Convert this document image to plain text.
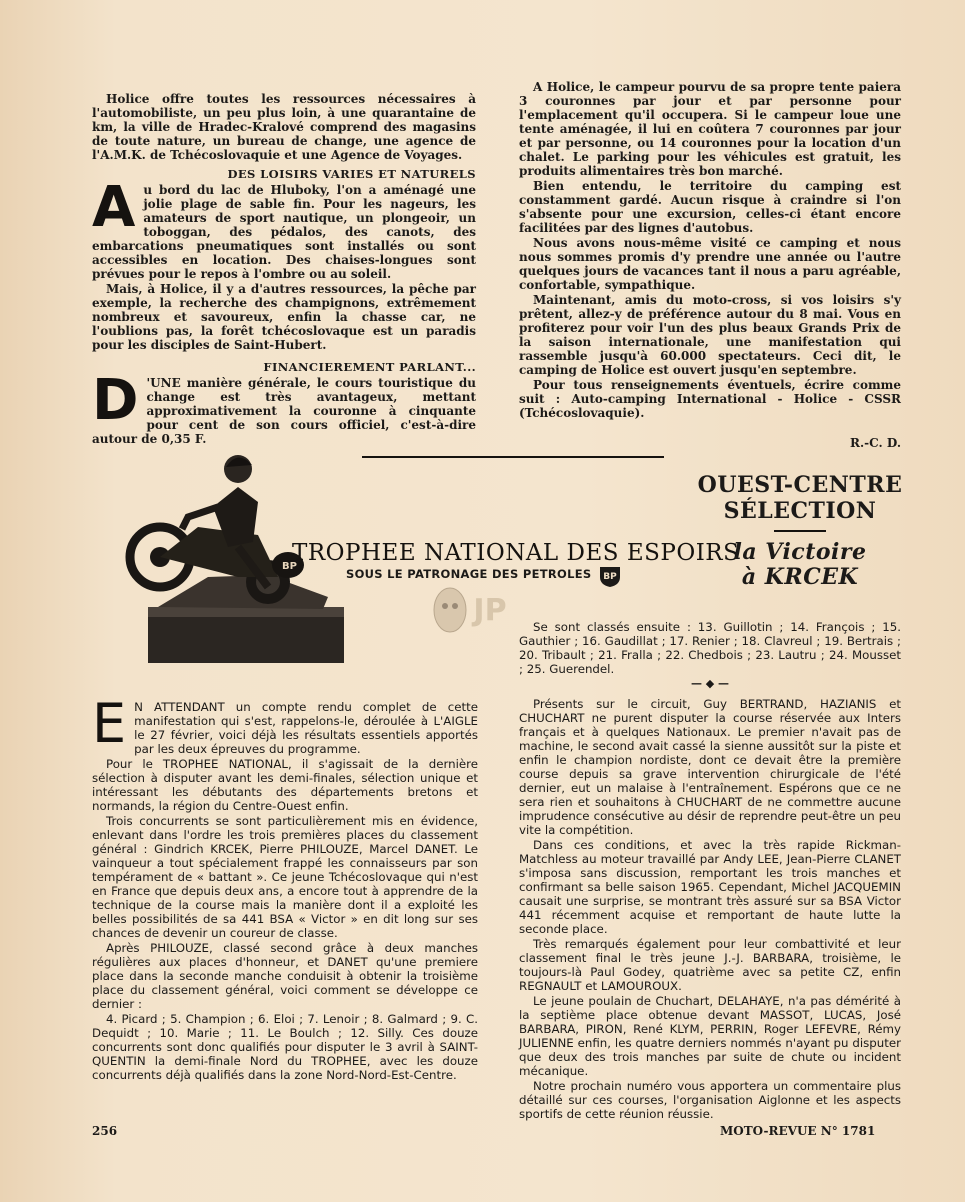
Holice offre toutes les ressources nécessaires à l'automobiliste, un peu plus loin, à une quarantaine de km, la ville de Hradec-Kralové comprend des magasins de toute nature, un bureau de change, une agence de l'A.M.K. de Tchécoslovaquie et une Agence de Voyages.

DES LOISIRS VARIES ET NATURELS

Au bord du lac de Hluboky, l'on a aménagé une jolie plage de sable fin. Pour les nageurs, les amateurs de sport nautique, un plongeoir, un toboggan, des pédalos, des canots, des embarcations pneumatiques sont installés ou sont accessibles en location. Des chaises-longues sont prévues pour le repos à l'ombre ou au soleil.

Mais, à Holice, il y a d'autres ressources, la pêche par exemple, la recherche des champignons, extrêmement nombreux et savoureux, enfin la chasse car, ne l'oublions pas, la forêt tchécoslovaque est un paradis pour les disciples de Saint-Hubert.

FINANCIEREMENT PARLANT...

D 'UNE manière générale, le cours touristique du change est très avantageux, mettant approximativement la couronne à cinquante pour cent de son cours officiel, c'est-à-dire autour de 0,35 F.

A Holice, le campeur pourvu de sa propre tente paiera 3 couronnes par jour et par personne pour l'emplacement qu'il occupera. Si le campeur loue une tente aménagée, il lui en coûtera 7 couronnes par jour et par personne, ou 14 couronnes pour la location d'un chalet. Le parking pour les véhicules est gratuit, les produits alimentaires très bon marché.

Bien entendu, le territoire du camping est constamment gardé. Aucun risque à craindre si l'on s'absente pour une excursion, celles-ci étant encore facilitées par des lignes d'autobus.

Nous avons nous-même visité ce camping et nous nous sommes promis d'y prendre une année ou l'autre quelques jours de vacances tant il nous a paru agréable, confortable, sympathique.

Maintenant, amis du moto-cross, si vos loisirs s'y prêtent, allez-y de préférence autour du 8 mai. Vous en profiterez pour voir l'un des plus beaux Grands Prix de la saison internationale, une manifestation qui rassemble jusqu'à 60.000 spectateurs. Ceci dit, le camping de Holice est ouvert jusqu'en septembre.

Pour tous renseignements éventuels, écrire comme suit : Auto-camping International - Holice - CSSR (Tchécoslovaquie).

R.-C. D.
BP
TROPHEE NATIONAL DES ESPOIRS
SOUS LE PATRONAGE DES PETROLES BP
JP
OUEST-CENTRE
SÉLECTION
la Victoire
à KRCEK

E N ATTENDANT un compte rendu complet de cette manifestation qui s'est, rappelons-le, déroulée à L'AIGLE le 27 février, voici déjà les résultats essentiels apportés par les deux épreuves du programme.

Pour le TROPHEE NATIONAL, il s'agissait de la dernière sélection à disputer avant les demi-finales, sélection unique et intéressant les débutants des départements bretons et normands, la région du Centre-Ouest enfin.

Trois concurrents se sont particulièrement mis en évidence, enlevant dans l'ordre les trois premières places du classement général : Gindrich KRCEK, Pierre PHILOUZE, Marcel DANET. Le vainqueur a tout spécialement frappé les connaisseurs par son tempérament de « battant ». Ce jeune Tchécoslovaque qui n'est en France que depuis deux ans, a encore tout à apprendre de la technique de la course mais la manière dont il a exploité les belles possibilités de sa 441 BSA « Victor » en dit long sur ses chances de devenir un coureur de classe.

Après PHILOUZE, classé second grâce à deux manches régulières aux places d'honneur, et DANET qu'une premiere place dans la seconde manche conduisit à obtenir la troisième place du classement général, voici comment se développe ce dernier :

4. Picard ; 5. Champion ; 6. Eloi ; 7. Lenoir ; 8. Galmard ; 9. C. Dequidt ; 10. Marie ; 11. Le Boulch ; 12. Silly. Ces douze concurrents sont donc qualifiés pour disputer le 3 avril à SAINT-QUENTIN la demi-finale Nord du TROPHEE, avec les douze concurrents déjà qualifiés dans la zone Nord-Nord-Est-Centre.

Se sont classés ensuite : 13. Guillotin ; 14. François ; 15. Gauthier ; 16. Gaudillat ; 17. Renier ; 18. Clavreul ; 19. Bertrais ; 20. Tribault ; 21. Fralla ; 22. Chedbois ; 23. Lautru ; 24. Mousset ; 25. Guerendel.

— ◆ —

Présents sur le circuit, Guy BERTRAND, HAZIANIS et CHUCHART ne purent disputer la course réservée aux Inters français et à quelques Nationaux. Le premier n'avait pas de machine, le second avait cassé la sienne aussitôt sur la piste et enfin le champion nordiste, dont ce devait être la première course depuis sa grave intervention chirurgicale de l'été dernier, eut un malaise à l'entraînement. Espérons que ce ne sera rien et souhaitons à CHUCHART de ne commettre aucune imprudence consécutive au désir de reprendre peut-être un peu vite la compétition.

Dans ces conditions, et avec la très rapide Rickman-Matchless au moteur travaillé par Andy LEE, Jean-Pierre CLANET s'imposa sans discussion, remportant les trois manches et confirmant sa belle saison 1965. Cependant, Michel JACQUEMIN causait une surprise, se montrant très assuré sur sa BSA Victor 441 récemment acquise et remportant de haute lutte la seconde place.

Très remarqués également pour leur combattivité et leur classement final le très jeune J.-J. BARBARA, troisième, le toujours-là Paul Godey, quatrième avec sa petite CZ, enfin REGNAULT et LAMOUROUX.

Le jeune poulain de Chuchart, DELAHAYE, n'a pas démérité à la septième place obtenue devant MASSOT, LUCAS, José BARBARA, PIRON, René KLYM, PERRIN, Roger LEFEVRE, Rémy JULIENNE enfin, les quatre derniers nommés n'ayant pu disputer que deux des trois manches par suite de chute ou incident mécanique.

Notre prochain numéro vous apportera un commentaire plus détaillé sur ces courses, l'organisation Aiglonne et les aspects sportifs de cette réunion réussie.

256	MOTO-REVUE N° 1781
